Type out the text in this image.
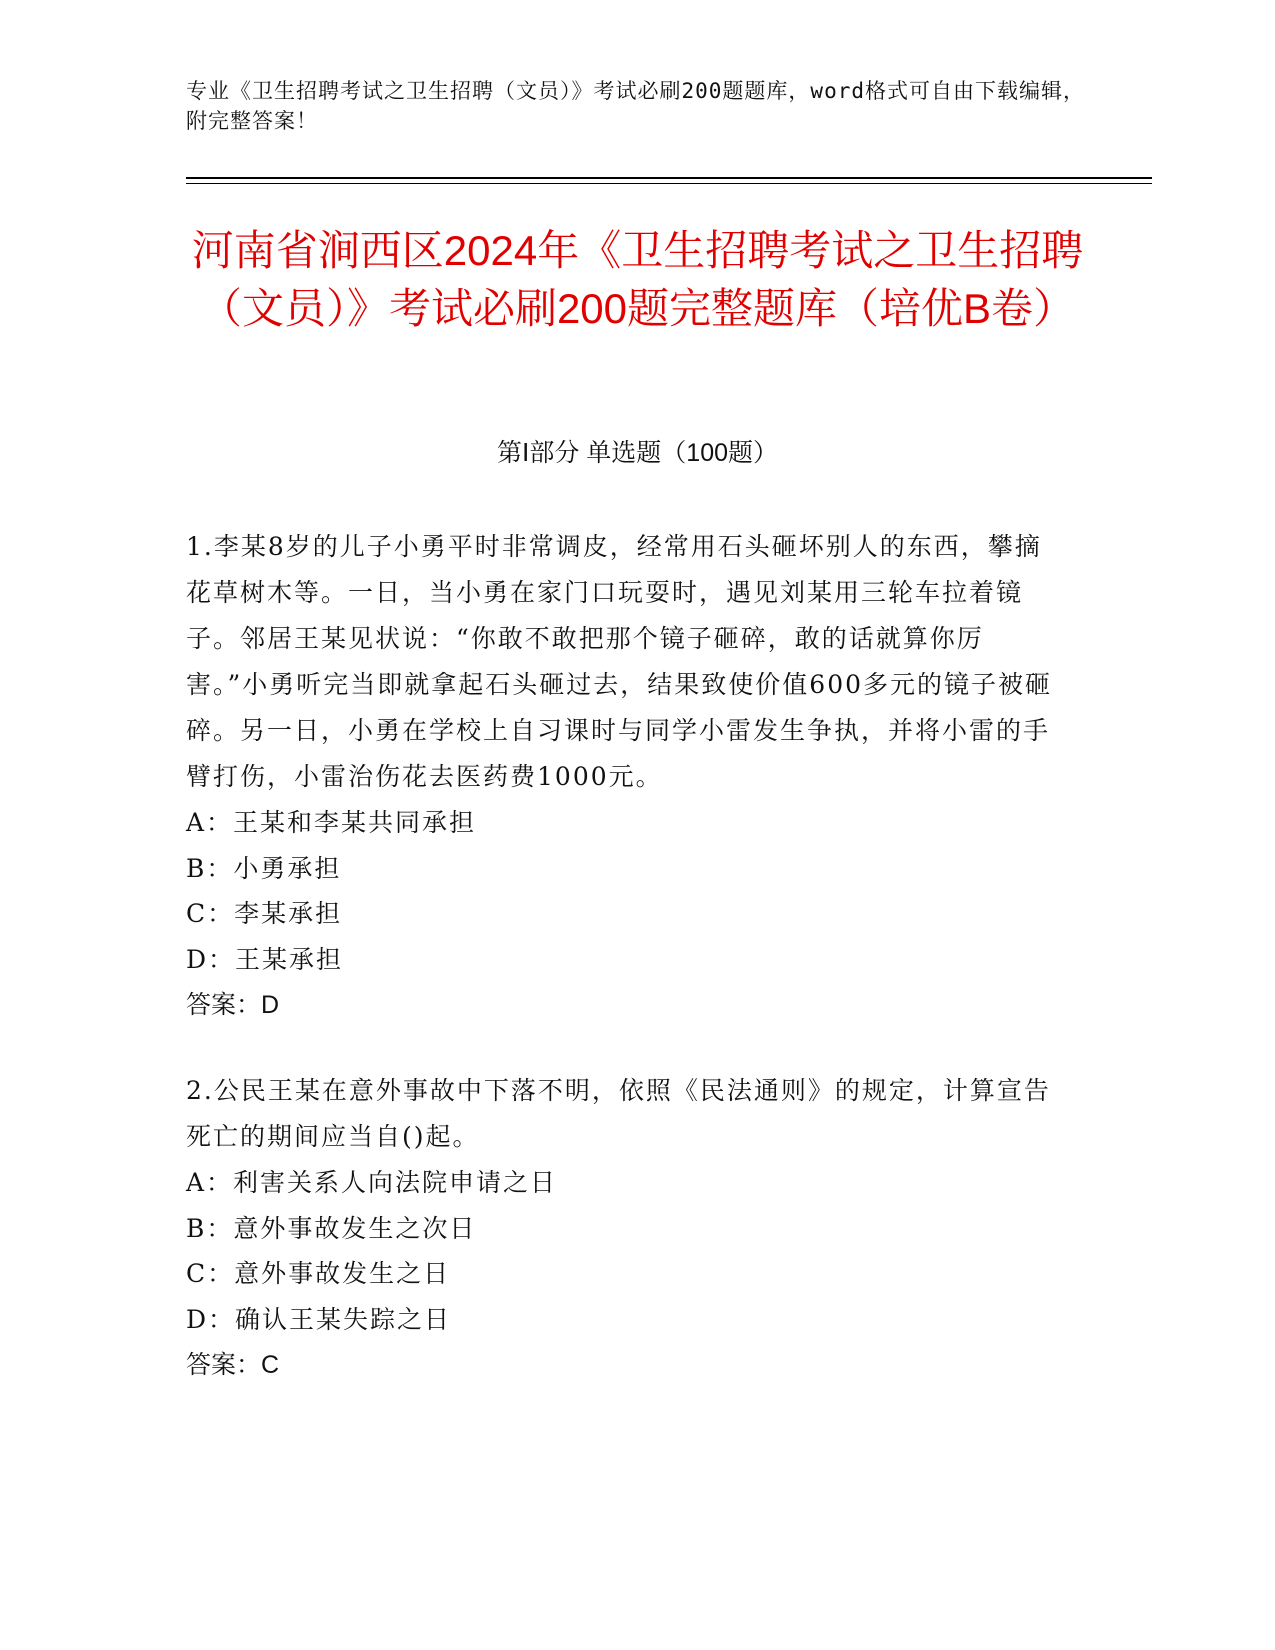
专业《卫生招聘考试之卫生招聘（文员）》考试必刷200题题库，word格式可自由下载编辑，附完整答案！
河南省涧西区2024年《卫生招聘考试之卫生招聘（文员）》考试必刷200题完整题库（培优B卷）
第Ⅰ部分 单选题（100题）

1.李某8岁的儿子小勇平时非常调皮，经常用石头砸坏别人的东西，攀摘花草树木等。一日，当小勇在家门口玩耍时，遇见刘某用三轮车拉着镜子。邻居王某见状说：“你敢不敢把那个镜子砸碎，敢的话就算你厉害。”小勇听完当即就拿起石头砸过去，结果致使价值600多元的镜子被砸碎。另一日，小勇在学校上自习课时与同学小雷发生争执，并将小雷的手臂打伤，小雷治伤花去医药费1000元。

A：王某和李某共同承担

B：小勇承担

C：李某承担

D：王某承担

答案：D

2.公民王某在意外事故中下落不明，依照《民法通则》的规定，计算宣告死亡的期间应当自()起。

A：利害关系人向法院申请之日

B：意外事故发生之次日

C：意外事故发生之日

D：确认王某失踪之日

答案：C
